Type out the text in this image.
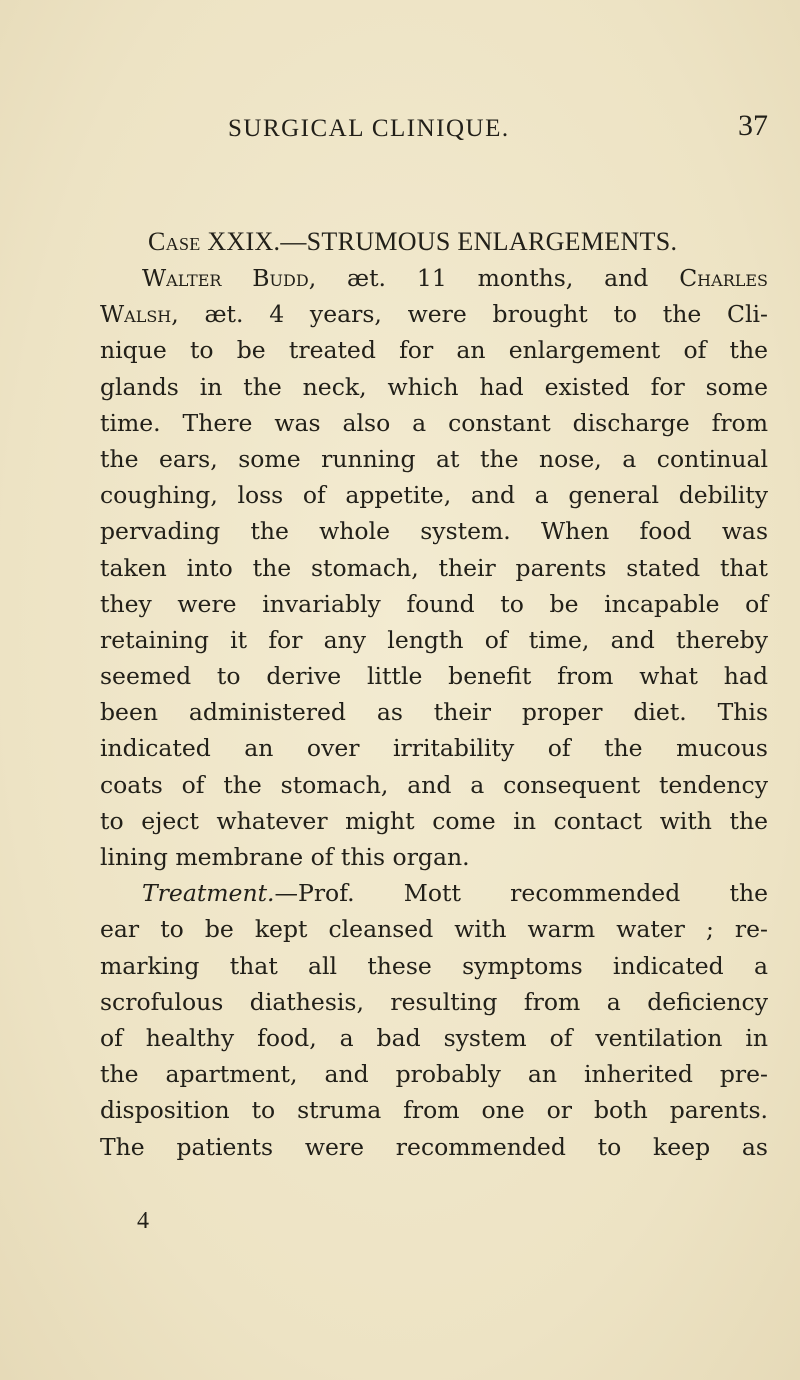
SURGICAL CLINIQUE.	37
Case XXIX.—STRUMOUS ENLARGEMENTS.
Walter Budd, æt. 11 months, and Charles
Walsh, æt. 4 years, were brought to the Cli-
nique to be treated for an enlargement of the
glands in the neck, which had existed for some
time. There was also a constant discharge from
the ears, some running at the nose, a continual
coughing, loss of appetite, and a general debility
pervading the whole system. When food was
taken into the stomach, their parents stated that
they were invariably found to be incapable of
retaining it for any length of time, and thereby
seemed to derive little benefit from what had
been administered as their proper diet. This
indicated an over irritability of the mucous
coats of the stomach, and a consequent tendency
to eject whatever might come in contact with the
lining membrane of this organ.
Treatment.—Prof. Mott recommended the
ear to be kept cleansed with warm water ; re-
marking that all these symptoms indicated a
scrofulous diathesis, resulting from a deficiency
of healthy food, a bad system of ventilation in
the apartment, and probably an inherited pre-
disposition to struma from one or both parents.
The patients were recommended to keep as
4
